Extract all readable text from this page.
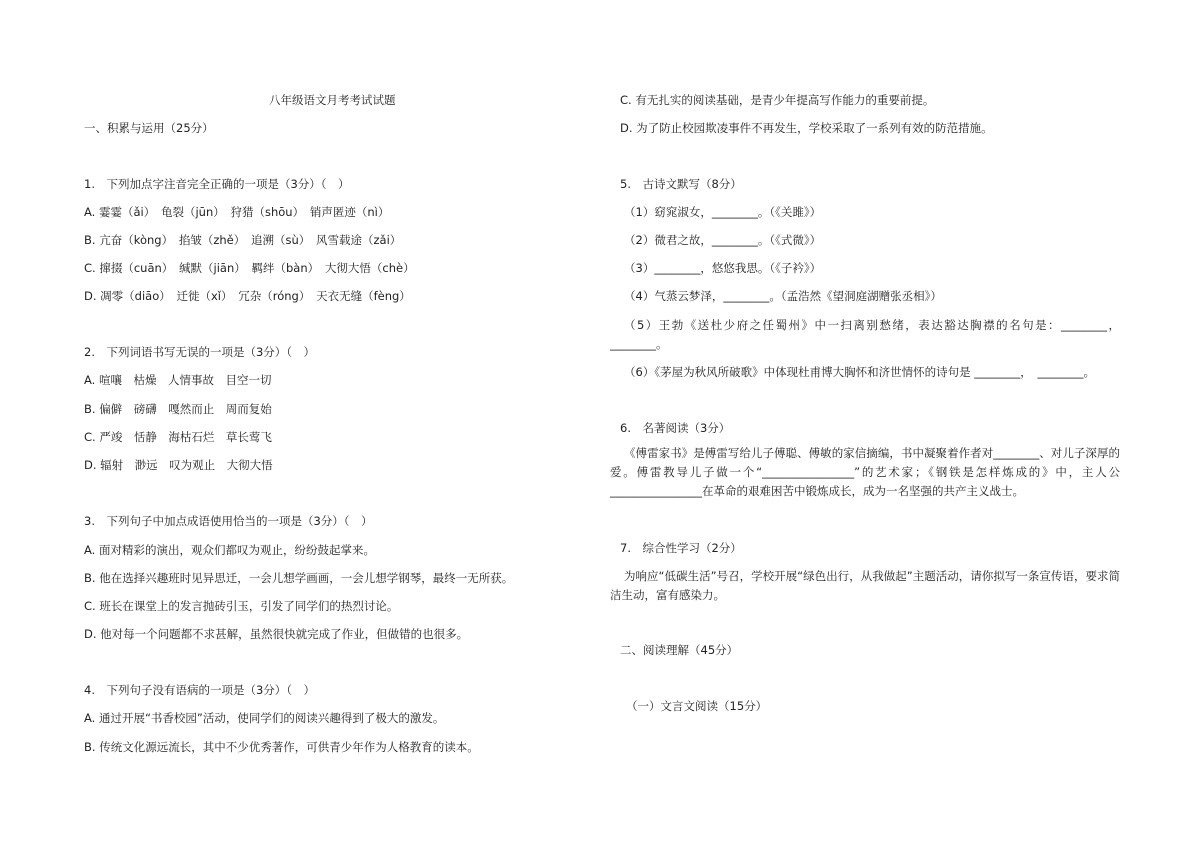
八年级语文月考考试试题
一、积累与运用（25分）
1.　下列加点字注音完全正确的一项是（3分）（　）
A. 霎霎（ǎi）　龟裂（jūn）　狩猎（shōu）　销声匿迹（nì）
B. 亢奋（kòng）　掐皱（zhě）　追溯（sù）　风雪载途（zǎi）
C. 撺掇（cuān）　缄默（jiān）　羁绊（bàn）　大彻大悟（chè）
D. 凋零（diāo）　迁徙（xǐ）　冗杂（róng）　天衣无缝（fèng）
2.　下列词语书写无误的一项是（3分）（　）
A. 喧嚷　枯燥　人情事故　目空一切
B. 偏僻　磅礴　嘎然而止　周而复始
C. 严竣　恬静　海枯石烂　草长莺飞
D. 辐射　渺远　叹为观止　大彻大悟
3.　下列句子中加点成语使用恰当的一项是（3分）（　）
A. 面对精彩的演出，观众们都叹为观止，纷纷鼓起掌来。
B. 他在选择兴趣班时见异思迁，一会儿想学画画，一会儿想学钢琴，最终一无所获。
C. 班长在课堂上的发言抛砖引玉，引发了同学们的热烈讨论。
D. 他对每一个问题都不求甚解，虽然很快就完成了作业，但做错的也很多。
4.　下列句子没有语病的一项是（3分）（　）
A. 通过开展“书香校园”活动，使同学们的阅读兴趣得到了极大的激发。
B. 传统文化源远流长，其中不少优秀著作，可供青少年作为人格教育的读本。
C. 有无扎实的阅读基础，是青少年提高写作能力的重要前提。
D. 为了防止校园欺凌事件不再发生，学校采取了一系列有效的防范措施。
5.　古诗文默写（8分）
（1）窈窕淑女，________。（《关雎》）
（2）微君之故，________。（《式微》）
（3）________，悠悠我思。（《子衿》）
（4）气蒸云梦泽，________。（孟浩然《望洞庭湖赠张丞相》）
（5）王勃《送杜少府之任蜀州》中一扫离别愁绪，表达豁达胸襟的名句是：________，________。
（6）《茅屋为秋风所破歌》中体现杜甫博大胸怀和济世情怀的诗句是 ________，　________。
6.　名著阅读（3分）
《傅雷家书》是傅雷写给儿子傅聪、傅敏的家信摘编，书中凝聚着作者对________、对儿子深厚的爱。傅雷教导儿子做一个“________________”的艺术家；《钢铁是怎样炼成的》中，主人公________________在革命的艰难困苦中锻炼成长，成为一名坚强的共产主义战士。
7.　综合性学习（2分）
为响应“低碳生活”号召，学校开展“绿色出行，从我做起”主题活动，请你拟写一条宣传语，要求简洁生动，富有感染力。
二、阅读理解（45分）
（一）文言文阅读（15分）
